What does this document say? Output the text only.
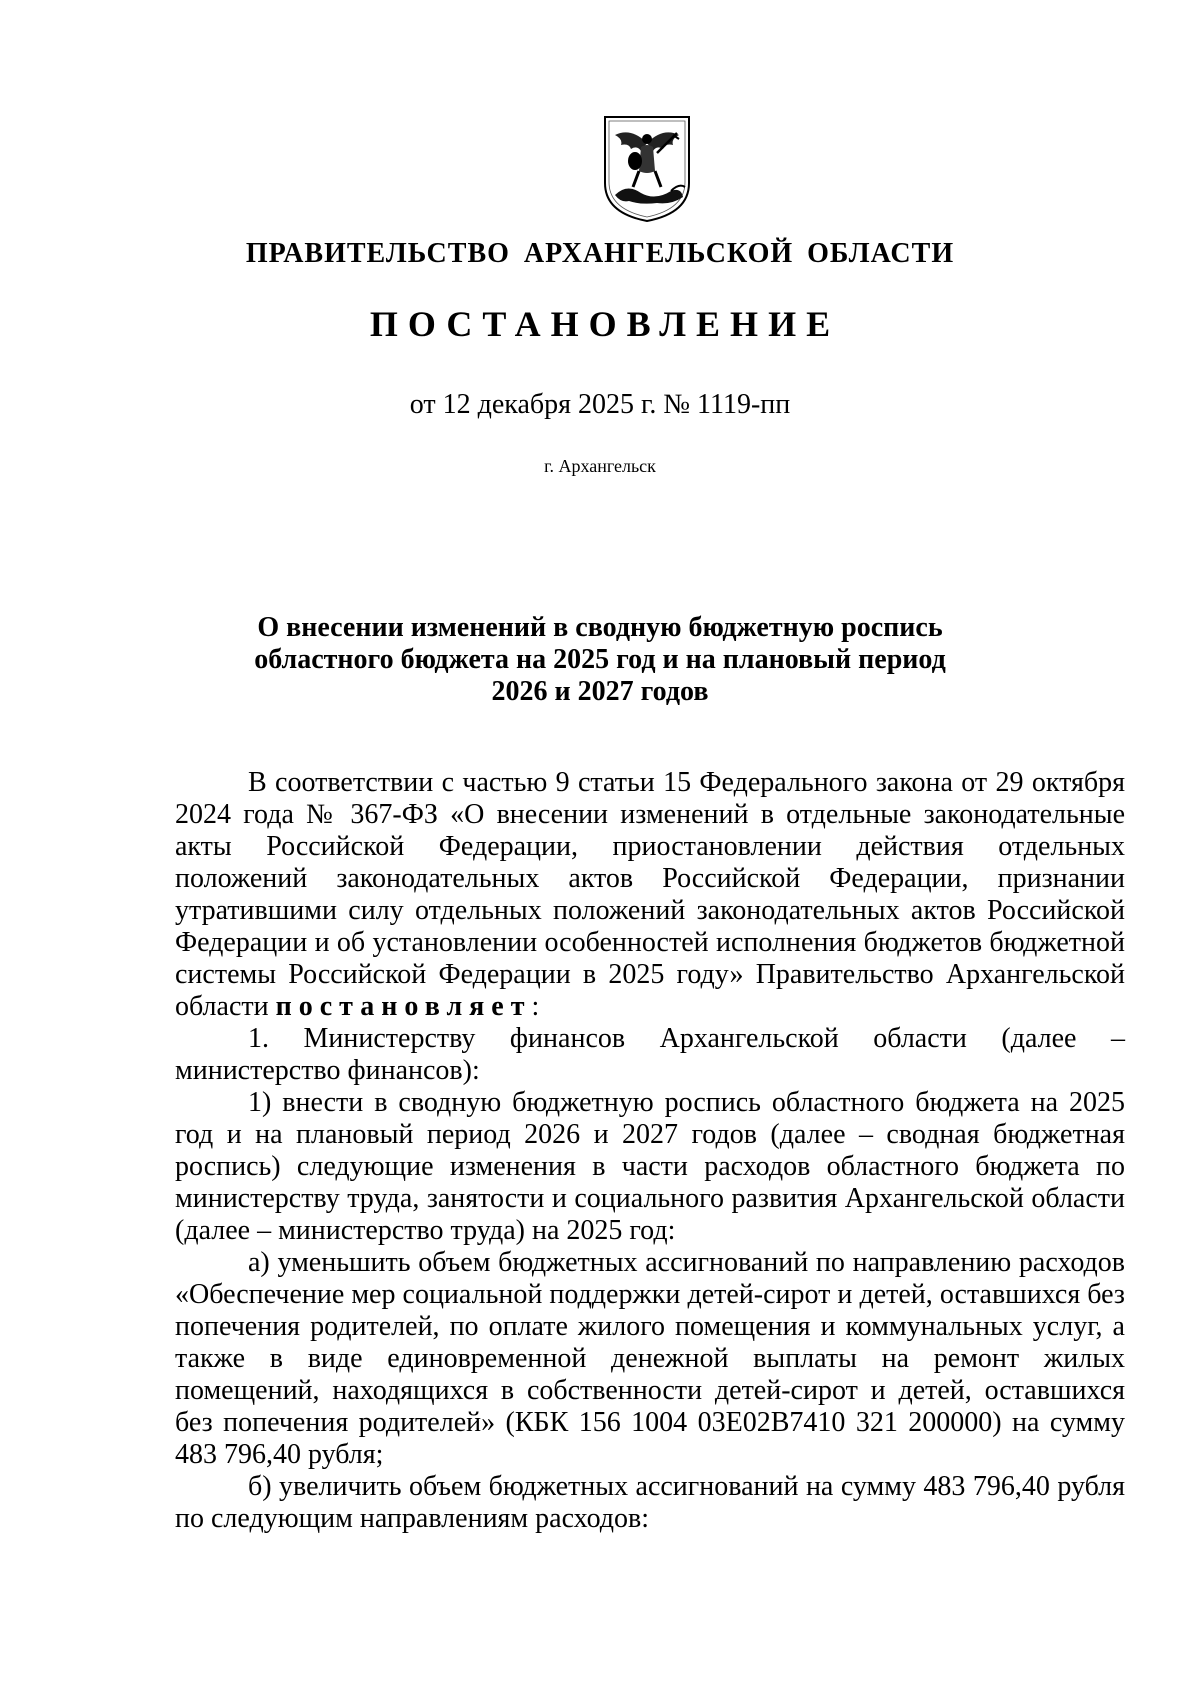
ПРАВИТЕЛЬСТВО АРХАНГЕЛЬСКОЙ ОБЛАСТИ
ПОСТАНОВЛЕНИЕ
от 12 декабря 2025 г. № 1119-пп
г. Архангельск
О внесении изменений в сводную бюджетную роспись
областного бюджета на 2025 год и на плановый период
2026 и 2027 годов

В соответствии с частью 9 статьи 15 Федерального закона от 29 октября 2024 года № 367-ФЗ «О внесении изменений в отдельные законодательные акты Российской Федерации, приостановлении действия отдельных положений законодательных актов Российской Федерации, признании утратившими силу отдельных положений законодательных актов Российской Федерации и об установлении особенностей исполнения бюджетов бюджетной системы Российской Федерации в 2025 году» Правительство Архангельской области постановляет:

1. Министерству финансов Архангельской области (далее – министерство финансов):

1) внести в сводную бюджетную роспись областного бюджета на 2025 год и на плановый период 2026 и 2027 годов (далее – сводная бюджетная роспись) следующие изменения в части расходов областного бюджета по министерству труда, занятости и социального развития Архангельской области (далее – министерство труда) на 2025 год:

а) уменьшить объем бюджетных ассигнований по направлению расходов «Обеспечение мер социальной поддержки детей-сирот и детей, оставшихся без попечения родителей, по оплате жилого помещения и коммунальных услуг, а также в виде единовременной денежной выплаты на ремонт жилых помещений, находящихся в собственности детей-сирот и детей, оставшихся без попечения родителей» (КБК 156 1004 03Е02В7410 321 200000) на сумму 483 796,40 рубля;

б) увеличить объем бюджетных ассигнований на сумму 483 796,40 рубля по следующим направлениям расходов:
